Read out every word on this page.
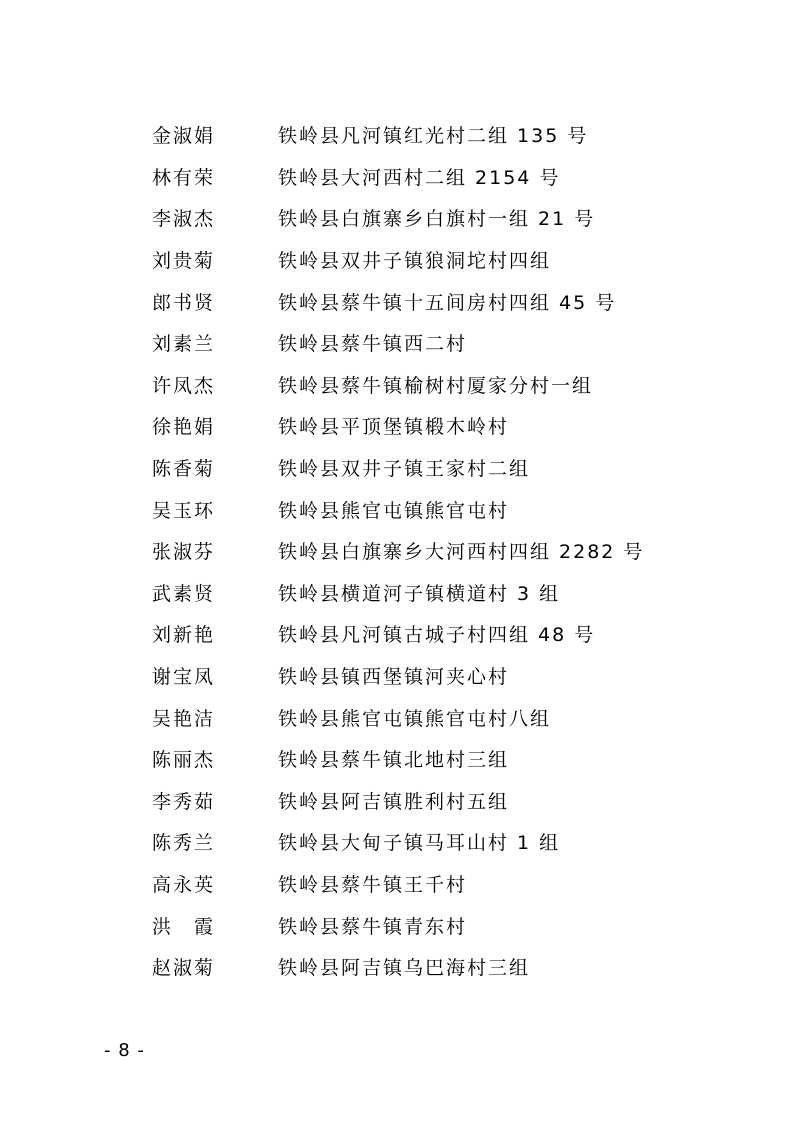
金淑娟	铁岭县凡河镇红光村二组 135 号
林有荣	铁岭县大河西村二组 2154 号
李淑杰	铁岭县白旗寨乡白旗村一组 21 号
刘贵菊	铁岭县双井子镇狼洞坨村四组
郎书贤	铁岭县蔡牛镇十五间房村四组 45 号
刘素兰	铁岭县蔡牛镇西二村
许凤杰	铁岭县蔡牛镇榆树村厦家分村一组
徐艳娟	铁岭县平顶堡镇椴木岭村
陈香菊	铁岭县双井子镇王家村二组
吴玉环	铁岭县熊官屯镇熊官屯村
张淑芬	铁岭县白旗寨乡大河西村四组 2282 号
武素贤	铁岭县横道河子镇横道村 3 组
刘新艳	铁岭县凡河镇古城子村四组 48 号
谢宝凤	铁岭县镇西堡镇河夹心村
吴艳洁	铁岭县熊官屯镇熊官屯村八组
陈丽杰	铁岭县蔡牛镇北地村三组
李秀茹	铁岭县阿吉镇胜利村五组
陈秀兰	铁岭县大甸子镇马耳山村 1 组
高永英	铁岭县蔡牛镇王千村
洪　霞	铁岭县蔡牛镇青东村
赵淑菊	铁岭县阿吉镇乌巴海村三组
- 8 -
